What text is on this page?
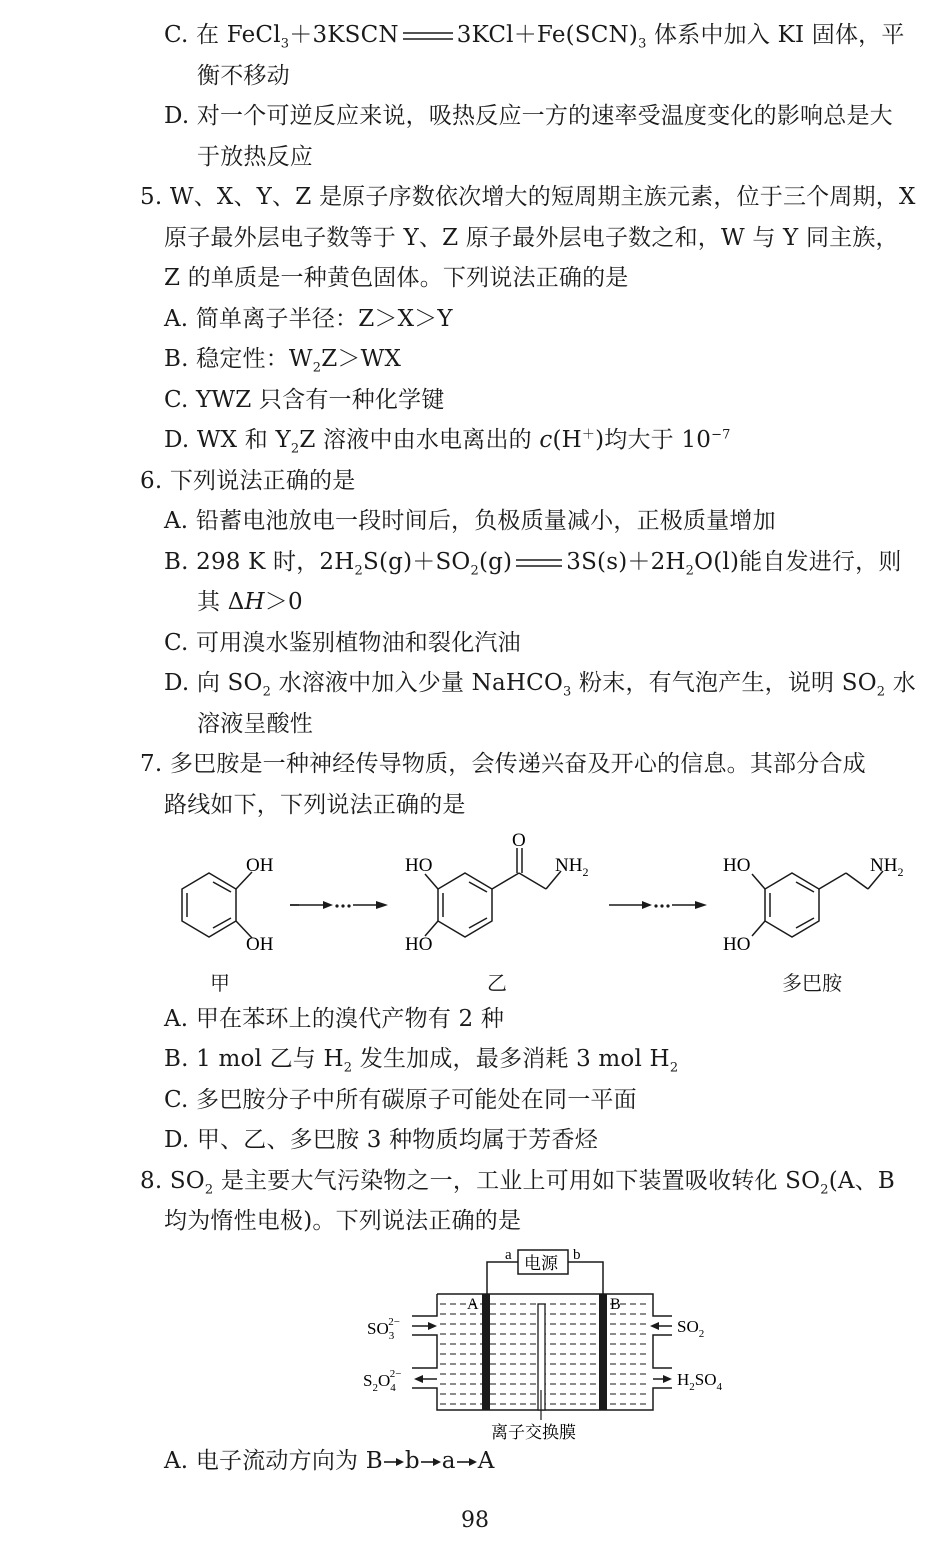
C. 在 FeCl$_3$＋3KSCN	$3KCl+Fe(SCN)_3$ 体系中加入 KI 固体，平
衡不移动
D. 对一个可逆反应来说，吸热反应一方的速率受温度变化的影响总是大
于放热反应
5. W、X、Y、Z 是原子序数依次增大的短周期主族元素，位于三个周期，X
原子最外层电子数等于 Y、Z 原子最外层电子数之和，W 与 Y 同主族，
Z 的单质是一种黄色固体。下列说法正确的是
A. 简单离子半径：Z＞X＞Y
B. 稳定性：$W_2Z>WX$
C. YWZ 只含有一种化学键
D. WX 和 $Y_2Z$ 溶液中由水电离出的 c(H＋)均大于 $10^{-7}$
6. 下列说法正确的是
A. 铅蓄电池放电一段时间后，负极质量减小，正极质量增加
B. 298 K 时，$2H_2S(g)+SO_2(g)$ $3S(s)+2H_2O(l)$能自发进行，则
其 ΔH＞0
C. 可用溴水鉴别植物油和裂化汽油
D. 向 $SO_2$ 水溶液中加入少量 NaHCO$_3$ 粉末，有气泡产生，说明 $SO_2$ 水
溶液呈酸性
7. 多巴胺是一种神经传导物质，会传递兴奋及开心的信息。其部分合成
路线如下，下列说法正确的是
OH
OH
O
HO
HO
$NH_2$	HO
HO
$NH_2$
甲	乙	多巴胺
A. 甲在苯环上的溴代产物有 2 种
B. 1 mol 乙与 $H_2$ 发生加成，最多消耗 3 mol $H_2$
C. 多巴胺分子中所有碳原子可能处在同一平面
D. 甲、乙、多巴胺 3 种物质均属于芳香烃
8. $SO_2$ 是主要大气污染物之一，工业上可用如下装置吸收转化 $SO_2(A$、B
均为惰性电极)。下列说法正确的是
电源
a	b
A	B
离子交换膜
$SO_32-$
$S_2O_42-$
$SO_2$
$H_2SO_4$
A. 电子流动方向为 B b a A
98
